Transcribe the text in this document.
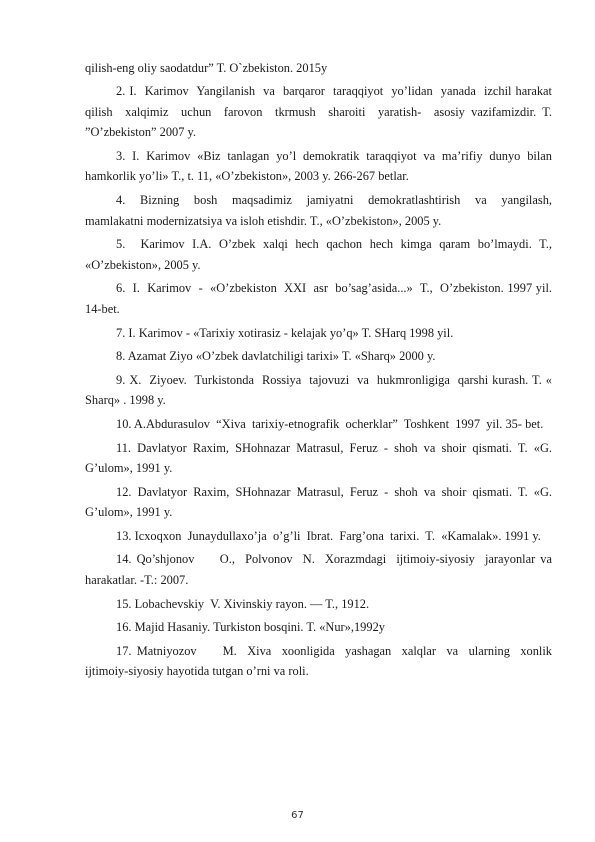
qilish-eng oliy saodatdur” T. O`zbekiston. 2015y

2. I.  Karimov  Yangilanish  va  barqaror  taraqqiyot  yo’lidan  yanada  izchil harakat  qilish  xalqimiz  uchun  farovon  tkrmush  sharoiti  yaratish-  asosiy vazifamizdir. T. ”O’zbekiston” 2007 y.

3. I. Karimov «Biz tanlagan yo’l demokratik taraqqiyot va ma’rifiy dunyo bilan hamkorlik yo’li» T., t. 11, «O’zbekiston», 2003 y. 266-267 betlar.

4.  Bizning  bosh  maqsadimiz  jamiyatni  demokratlashtirish  va  yangilash, mamlakatni modernizatsiya va isloh etishdir. T., «O’zbekiston», 2005 y.

5.  Karimov I.A. O’zbek xalqi hech qachon hech kimga qaram bo’lmaydi. T., «O’zbekiston», 2005 y.

6.  I.  Karimov  -  «O’zbekiston  XXI  asr  bo’sag’asida...»  T.,  O’zbekiston. 1997 yil. 14-bet.

7. I. Karimov - «Tarixiy xotirasiz - kelajak yo’q» T. SHarq 1998 yil.

8. Azamat Ziyo «O’zbek davlatchiligi tarixi» T. «Sharq» 2000 y.

9. X.  Ziyoev.  Turkistonda  Rossiya  tajovuzi  va  hukmronligiga  qarshi kurash. T. « Sharq» . 1998 y.

10. A.Abdurasulov  “Xiva  tarixiy-etnografik  ocherklar”  Toshkent  1997  yil. 35- bet.

11. Davlatyor Raxim, SHohnazar Matrasul, Feruz - shoh va shoir qismati. T. «G. G’ulom», 1991 y.

12. Davlatyor Raxim, SHohnazar Matrasul, Feruz - shoh va shoir qismati. T. «G. G’ulom», 1991 y.

13. Icxoqxon  Junaydullaxo’ja  o’g’li  Ibrat.  Farg’ona  tarixi.  T.  «Kamalak». 1991 y.

14. Qo’shjonov     O.,  Polvonov  N.  Xorazmdagi  ijtimoiy-siyosiy  jarayonlar va harakatlar. -T.: 2007.

15. Lobachevskiy  V. Xivinskiy rayon. — T., 1912.

16. Majid Hasaniy. Turkiston bosqini. T. «Nur»,1992y

17. Matniyozov     M.  Xiva  xoonligida  yashagan  xalqlar  va  ularning  xonlik ijtimoiy-siyosiy hayotida tutgan o’rni va roli.

67
